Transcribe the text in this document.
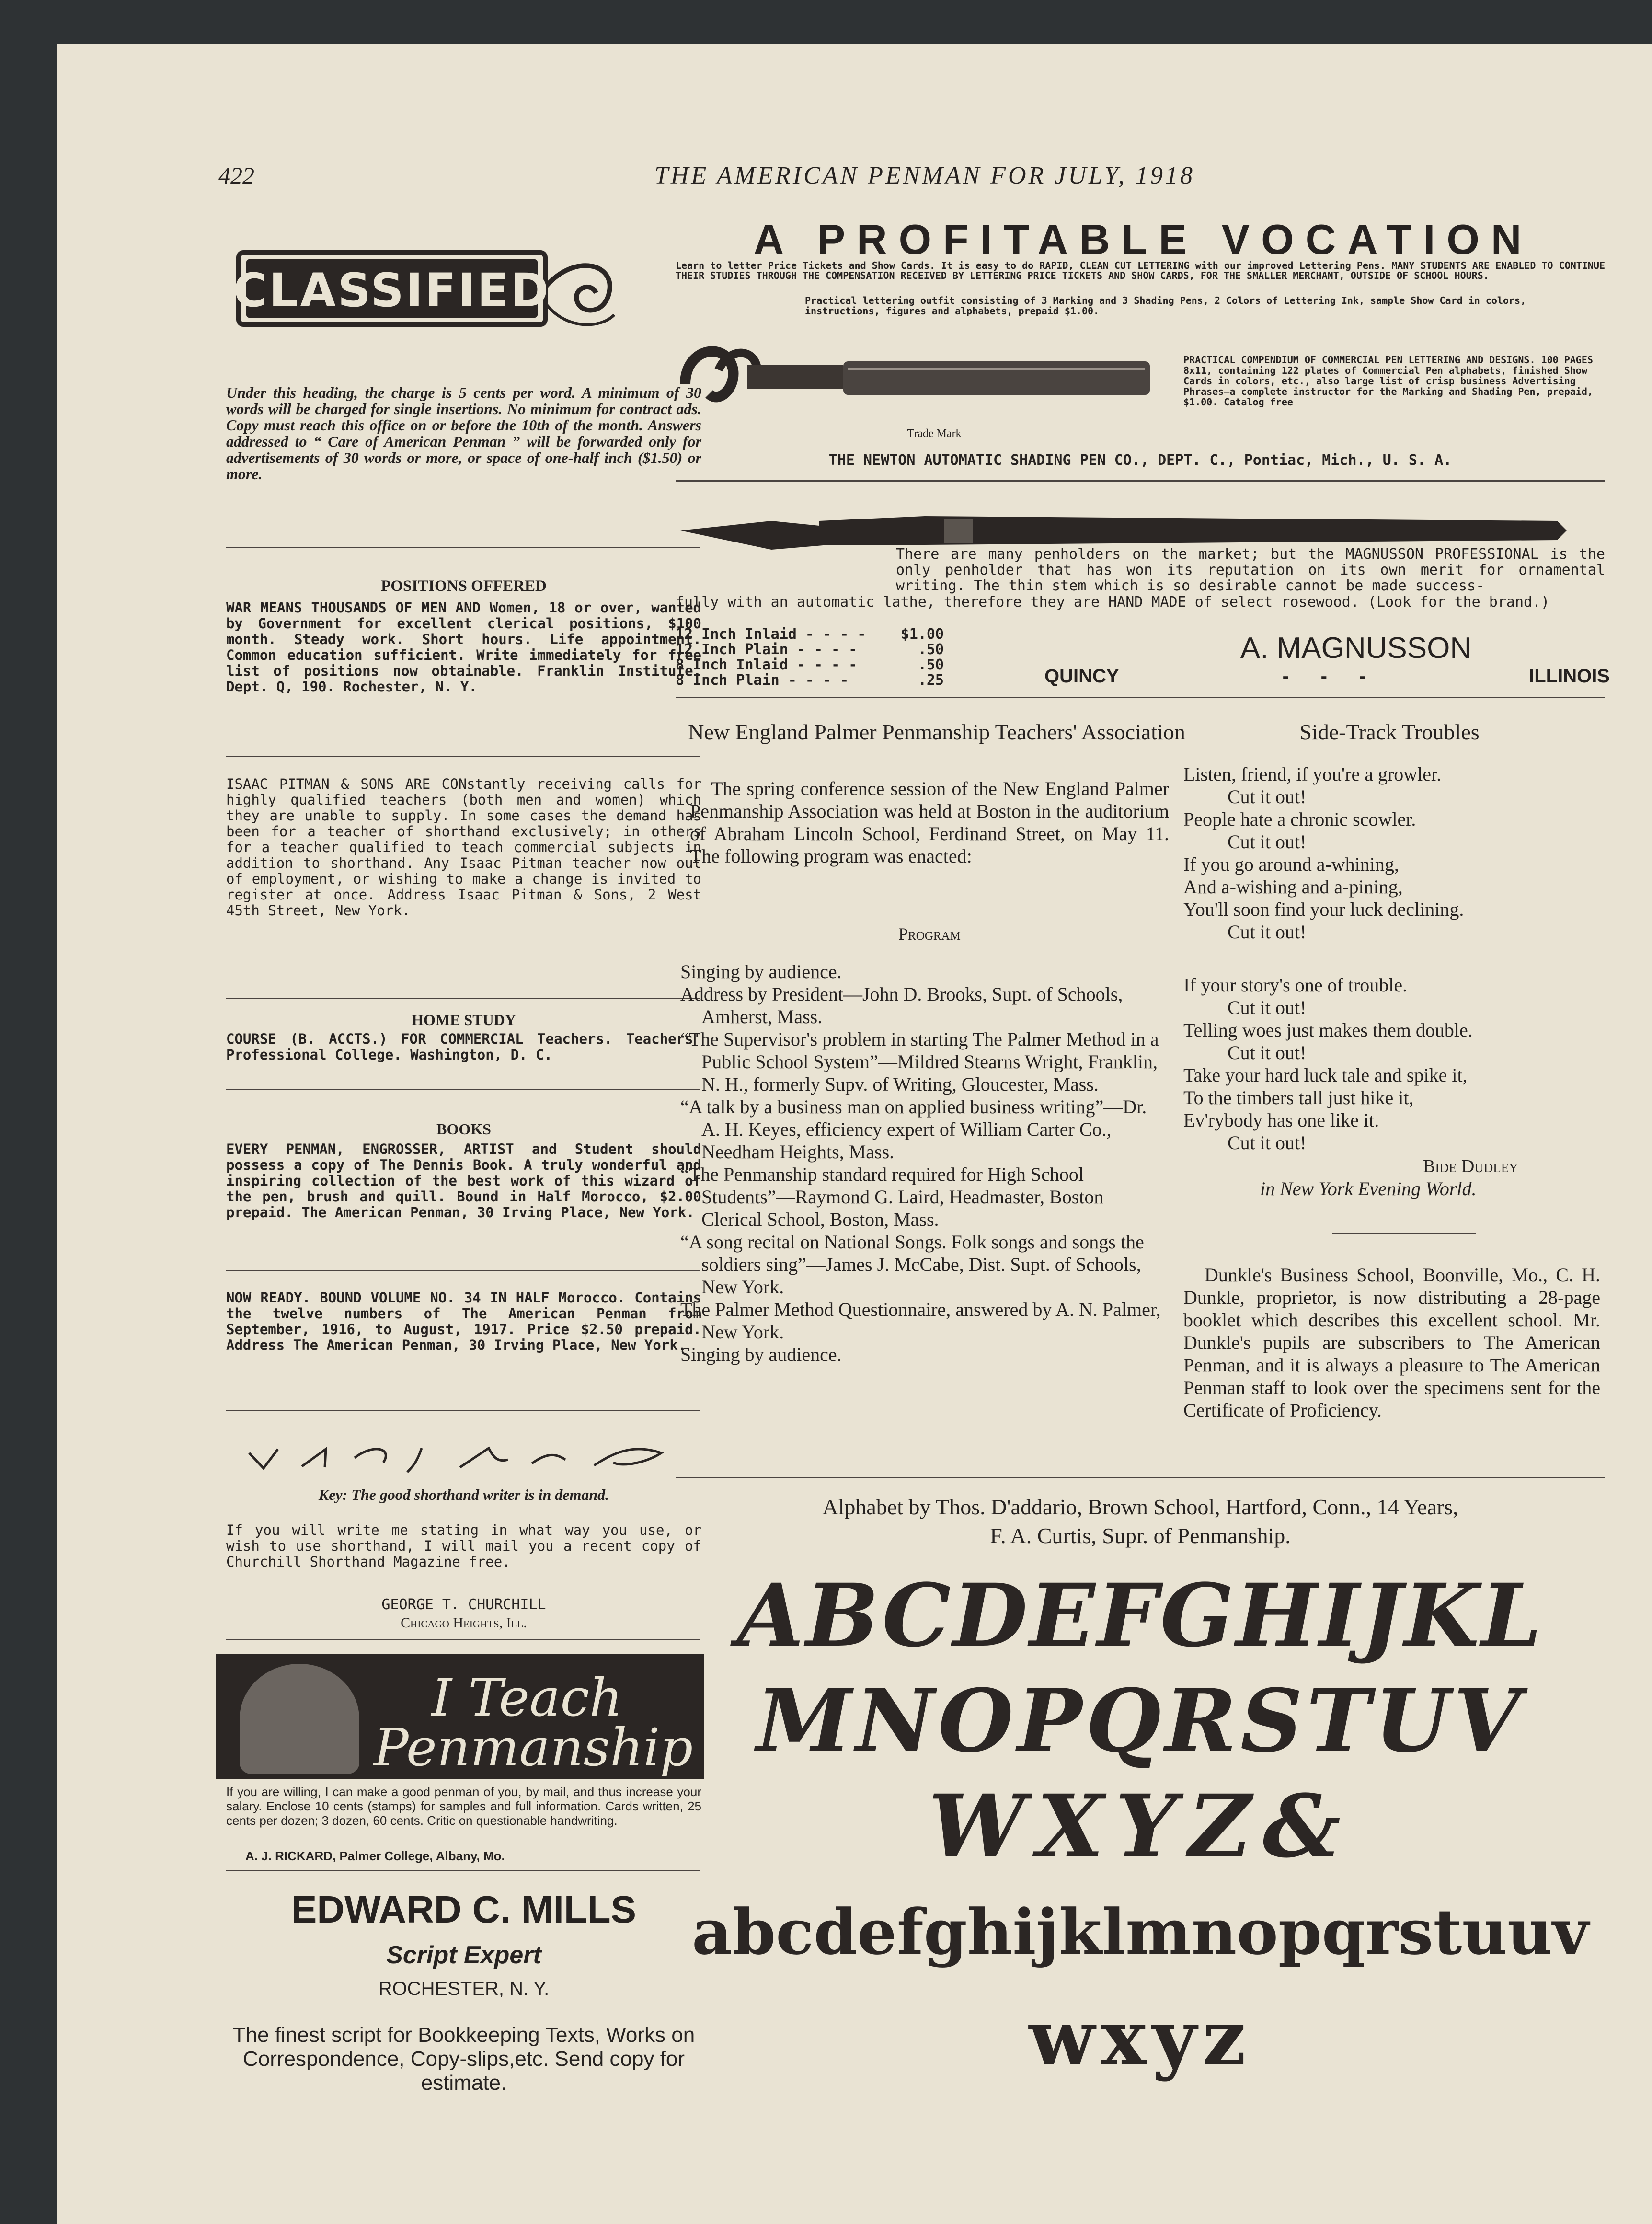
422	THE AMERICAN PENMAN FOR JULY, 1918
CLASSIFIED
Under this heading, the charge is 5 cents per word. A minimum of 30 words will be charged for single insertions. No minimum for contract ads. Copy must reach this office on or before the 10th of the month. Answers addressed to “ Care of American Penman ” will be forwarded only for advertisements of 30 words or more, or space of one-half inch ($1.50) or more.
POSITIONS OFFERED
WAR MEANS THOUSANDS OF MEN AND Women, 18 or over, wanted by Government for excellent clerical positions, $100 month. Steady work. Short hours. Life appointment. Common education sufficient. Write immediately for free list of positions now obtainable. Franklin Institute. Dept. Q, 190. Rochester, N. Y.
ISAAC PITMAN & SONS ARE CONstantly receiving calls for highly qualified teachers (both men and women) which they are unable to supply. In some cases the demand has been for a teacher of shorthand exclusively; in others for a teacher qualified to teach commercial subjects in addition to shorthand. Any Isaac Pitman teacher now out of employment, or wishing to make a change is invited to register at once. Address Isaac Pitman & Sons, 2 West 45th Street, New York.
HOME STUDY
COURSE (B. ACCTS.) FOR COMMERCIAL Teachers. Teachers' Professional College. Washington, D. C.
BOOKS
EVERY PENMAN, ENGROSSER, ARTIST and Student should possess a copy of The Dennis Book. A truly wonderful and inspiring collection of the best work of this wizard of the pen, brush and quill. Bound in Half Morocco, $2.00 prepaid. The American Penman, 30 Irving Place, New York.
NOW READY. BOUND VOLUME NO. 34 IN HALF Morocco. Contains the twelve numbers of The American Penman from September, 1916, to August, 1917. Price $2.50 prepaid. Address The American Penman, 30 Irving Place, New York.
Key: The good shorthand writer is in demand.
If you will write me stating in what way you use, or wish to use shorthand, I will mail you a recent copy of Churchill Shorthand Magazine free.
GEORGE T. CHURCHILL
Chicago Heights, Ill.
I Teach Penmanship
If you are willing, I can make a good penman of you, by mail, and thus increase your salary. Enclose 10 cents (stamps) for samples and full information. Cards written, 25 cents per dozen; 3 dozen, 60 cents. Critic on questionable handwriting.
A. J. RICKARD, Palmer College, Albany, Mo.
EDWARD C. MILLS
Script Expert
ROCHESTER, N. Y.
The finest script for Bookkeeping Texts, Works on Correspondence, Copy-slips,etc. Send copy for estimate.
A PROFITABLE VOCATION
Learn to letter Price Tickets and Show Cards. It is easy to do RAPID, CLEAN CUT LETTERING with our improved Lettering Pens. MANY STUDENTS ARE ENABLED TO CONTINUE THEIR STUDIES THROUGH THE COMPENSATION RECEIVED BY LETTERING PRICE TICKETS AND SHOW CARDS, FOR THE SMALLER MERCHANT, OUTSIDE OF SCHOOL HOURS.
Practical lettering outfit consisting of 3 Marking and 3 Shading Pens, 2 Colors of Lettering Ink, sample Show Card in colors, instructions, figures and alphabets, prepaid $1.00.
Trade Mark
PRACTICAL COMPENDIUM OF COMMERCIAL PEN LETTERING AND DESIGNS. 100 PAGES 8x11, containing 122 plates of Commercial Pen alphabets, finished Show Cards in colors, etc., also large list of crisp business Advertising Phrases—a complete instructor for the Marking and Shading Pen, prepaid, $1.00. Catalog free
THE NEWTON AUTOMATIC SHADING PEN CO., DEPT. C., Pontiac, Mich., U. S. A.
There are many penholders on the market; but the MAGNUSSON PROFESSIONAL is the only penholder that has won its reputation on its own merit for ornamental writing. The thin stem which is so desirable cannot be made success-
fully with an automatic lathe, therefore they are HAND MADE of select rosewood. (Look for the brand.)
12 Inch Inlaid - - - - $1.00
12 Inch Plain - - - -	.50
8 Inch Inlaid - - - -	.50
8 Inch Plain - - - -	.25
A. MAGNUSSON
QUINCY	-      -      -	ILLINOIS
New England Palmer Penmanship Teachers' Association
The spring conference session of the New England Palmer Penmanship Association was held at Boston in the auditorium of Abraham Lincoln School, Ferdinand Street, on May 11. The following program was enacted:
Program

Singing by audience.

Address by President—John D. Brooks, Supt. of Schools, Amherst, Mass.

“The Supervisor's problem in starting The Palmer Method in a Public School System”—Mildred Stearns Wright, Franklin, N. H., formerly Supv. of Writing, Gloucester, Mass.

“A talk by a business man on applied business writing”—Dr. A. H. Keyes, efficiency expert of William Carter Co., Needham Heights, Mass.

“The Penmanship standard required for High School Students”—Raymond G. Laird, Headmaster, Boston Clerical School, Boston, Mass.

“A song recital on National Songs. Folk songs and songs the soldiers sing”—James J. McCabe, Dist. Supt. of Schools, New York.

The Palmer Method Questionnaire, answered by A. N. Palmer, New York.

Singing by audience.

Side-Track Troubles

Listen, friend, if you're a growler.

Cut it out!

People hate a chronic scowler.

Cut it out!

If you go around a-whining,

And a-wishing and a-pining,

You'll soon find your luck declining.

Cut it out!

If your story's one of trouble.

Cut it out!

Telling woes just makes them double.

Cut it out!

Take your hard luck tale and spike it,

To the timbers tall just hike it,

Ev'rybody has one like it.

Cut it out!

Bide Dudley
in New York Evening World.
Dunkle's Business School, Boonville, Mo., C. H. Dunkle, proprietor, is now distributing a 28-page booklet which describes this excellent school. Mr. Dunkle's pupils are subscribers to The American Penman, and it is always a pleasure to The American Penman staff to look over the specimens sent for the Certificate of Proficiency.
Alphabet by Thos. D'addario, Brown School, Hartford, Conn., 14 Years,
F. A. Curtis, Supr. of Penmanship.
ABCDEFGHIJKL
MNOPQRSTUV
WXYZ&
abcdefghijklmnopqrstuuv
wxyz
